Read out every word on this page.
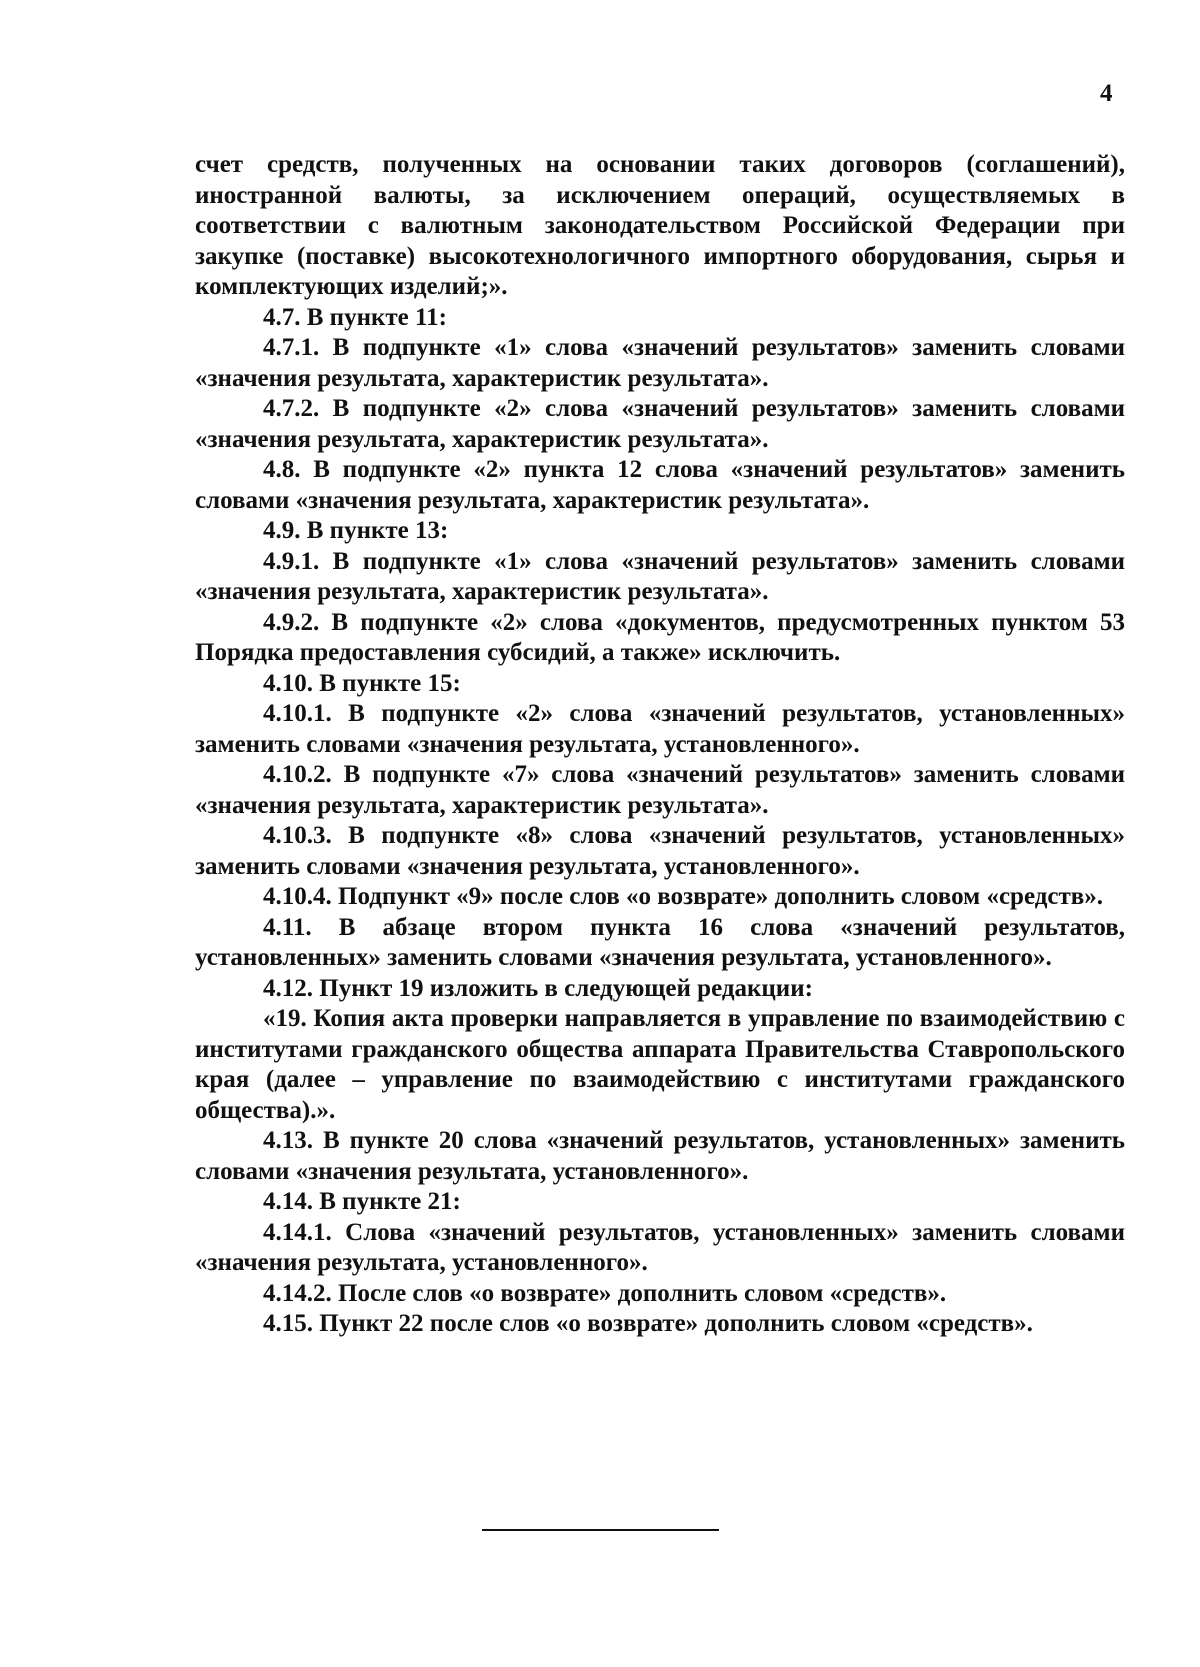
4

счет средств, полученных на основании таких договоров (соглашений), иностранной валюты, за исключением операций, осуществляемых в соответствии с валютным законодательством Российской Федерации при закупке (поставке) высокотехнологичного импортного оборудования, сырья и комплектующих изделий;».

4.7. В пункте 11:

4.7.1. В подпункте «1» слова «значений результатов» заменить словами «значения результата, характеристик результата».

4.7.2. В подпункте «2» слова «значений результатов» заменить словами «значения результата, характеристик результата».

4.8. В подпункте «2» пункта 12 слова «значений результатов» заменить словами «значения результата, характеристик результата».

4.9. В пункте 13:

4.9.1. В подпункте «1» слова «значений результатов» заменить словами «значения результата, характеристик результата».

4.9.2. В подпункте «2» слова «документов, предусмотренных пунктом 53 Порядка предоставления субсидий, а также» исключить.

4.10. В пункте 15:

4.10.1. В подпункте «2» слова «значений результатов, установленных» заменить словами «значения результата, установленного».

4.10.2. В подпункте «7» слова «значений результатов» заменить словами «значения результата, характеристик результата».

4.10.3. В подпункте «8» слова «значений результатов, установленных» заменить словами «значения результата, установленного».

4.10.4. Подпункт «9» после слов «о возврате» дополнить словом «средств».

4.11. В абзаце втором пункта 16 слова «значений результатов, установленных» заменить словами «значения результата, установленного».

4.12. Пункт 19 изложить в следующей редакции:

«19. Копия акта проверки направляется в управление по взаимодействию с институтами гражданского общества аппарата Правительства Ставропольского края (далее – управление по взаимодействию с институтами гражданского общества).».

4.13. В пункте 20 слова «значений результатов, установленных» заменить словами «значения результата, установленного».

4.14. В пункте 21:

4.14.1. Слова «значений результатов, установленных» заменить словами «значения результата, установленного».

4.14.2. После слов «о возврате» дополнить словом «средств».

4.15. Пункт 22 после слов «о возврате» дополнить словом «средств».
